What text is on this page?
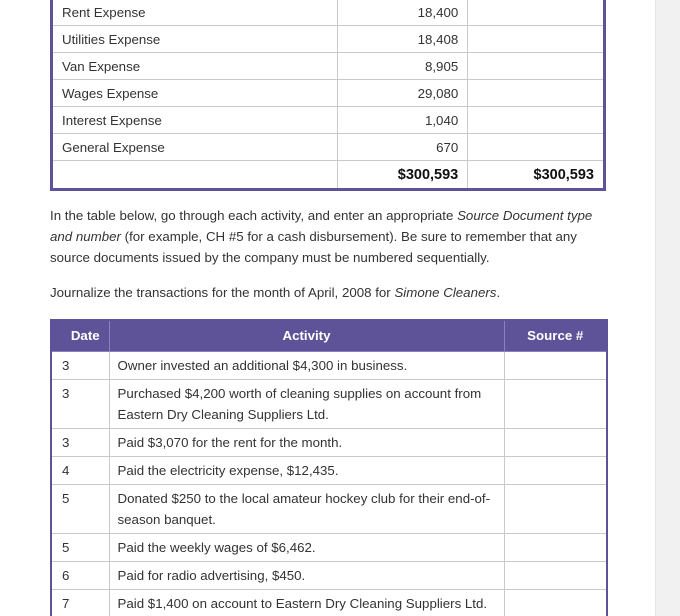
Rent Expense	18,400	
Utilities Expense	18,408	
Van Expense	8,905	
Wages Expense	29,080	
Interest Expense	1,040	
General Expense	670	
	$300,593	$300,593

In the table below, go through each activity, and enter an appropriate Source Document type and number (for example, CH #5 for a cash disbursement). Be sure to remember that any source documents issued by the company must be numbered sequentially.

Journalize the transactions for the month of April, 2008 for Simone Cleaners.

Date	Activity	Source #
3	Owner invested an additional $4,300 in business.	

3	Purchased $4,200 worth of cleaning supplies on account from Eastern Dry Cleaning Suppliers Ltd.	

3	Paid $3,070 for the rent for the month.	

4	Paid the electricity expense, $12,435.	

5	Donated $250 to the local amateur hockey club for their end-of-season banquet.	

5	Paid the weekly wages of $6,462.	

6	Paid for radio advertising, $450.	

7	Paid $1,400 on account to Eastern Dry Cleaning Suppliers Ltd.	
